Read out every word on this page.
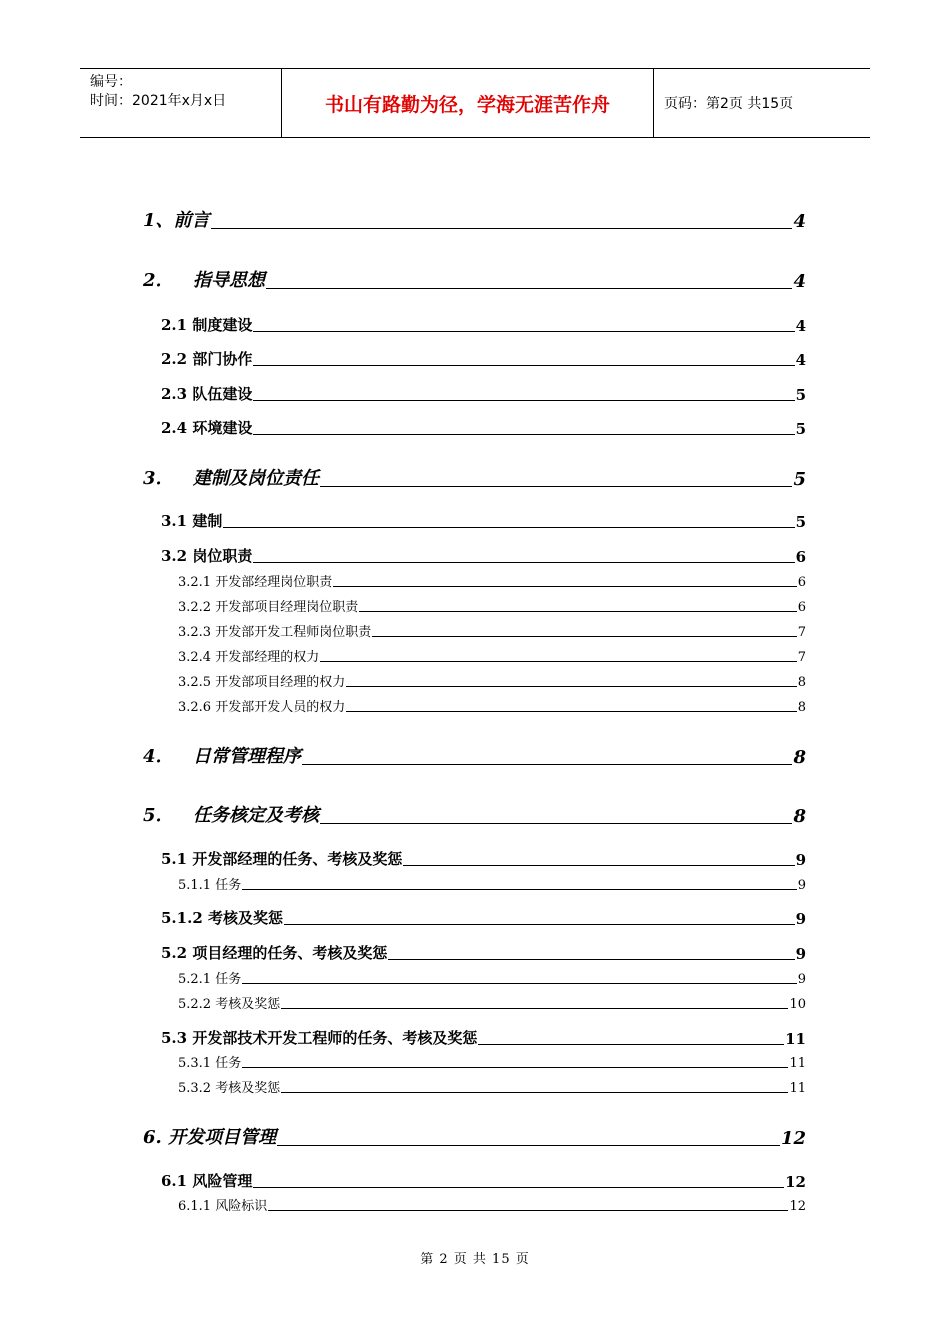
编号：
时间：2021年x月x日	书山有路勤为径，学海无涯苦作舟	页码：第2页 共15页
1、前言	4
2． 指导思想	4
2.1 制度建设	4
2.2 部门协作	4
2.3 队伍建设	5
2.4 环境建设	5
3． 建制及岗位责任	5
3.1 建制	5
3.2 岗位职责	6
3.2.1 开发部经理岗位职责	6
3.2.2 开发部项目经理岗位职责	6
3.2.3 开发部开发工程师岗位职责	7
3.2.4 开发部经理的权力	7
3.2.5 开发部项目经理的权力	8
3.2.6 开发部开发人员的权力	8
4． 日常管理程序	8
5． 任务核定及考核	8
5.1 开发部经理的任务、考核及奖惩	9
5.1.1 任务	9
5.1.2 考核及奖惩	9
5.2 项目经理的任务、考核及奖惩	9
5.2.1 任务	9
5.2.2 考核及奖惩	10
5.3 开发部技术开发工程师的任务、考核及奖惩	11
5.3.1 任务	11
5.3.2 考核及奖惩	11
6. 开发项目管理	12
6.1 风险管理	12
6.1.1 风险标识	12
第 2 页 共 15 页
